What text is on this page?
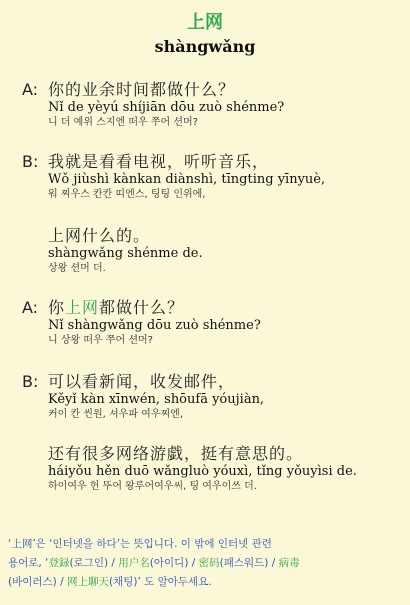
上网
shàngwǎng
A: 你的业余时间都做什么？
Nǐ de yèyú shíjiān dōu zuò shénme?
니 더 예위 스지엔 떠우 쭈어 션머?
B: 我就是看看电视，听听音乐，
Wǒ jiùshì kànkan diànshì, tīngting yīnyuè,
워 찌우스 칸칸 띠엔스, 팅팅 인위에,
上网什么的。
shàngwǎng shénme de.
상왕 션머 더.
A: 你上网都做什么？
Nǐ shàngwǎng dōu zuò shénme?
니 상왕 떠우 쭈어 션머?
B: 可以看新闻，收发邮件，
Kěyǐ kàn xīnwén, shōufā yóujiàn,
커이 칸 씬원, 셔우파 여우찌엔,
还有很多网络游戯，挺有意思的。
háiyǒu hěn duō wǎngluò yóuxì, tǐng yǒuyìsi de.
하이여우 헌 뚜어 왕루어여우씨, 팅 여우이쓰 더.
‘上网’은 ‘인터넷을 하다’는 뜻입니다. 이 밖에 인터넷 관련
용어로, ‘登録(로그인) / 用户名(아이디) / 密码(패스워드) / 病毒
(바이러스) / 网上聊天(채팅)’ 도 알아두세요.
